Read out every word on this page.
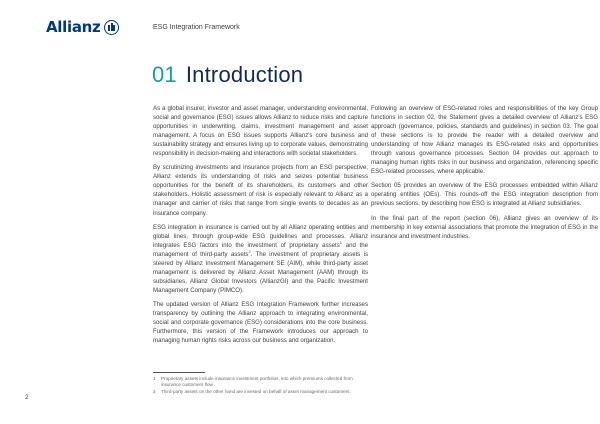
Allianz	ESG Integration Framework
01 Introduction

As a global insurer, investor and asset manager, understanding environmental, social and governance (ESG) issues allows Allianz to reduce risks and capture opportunities in underwriting, claims, investment management and asset management. A focus on ESG issues supports Allianz's core business and sustainability strategy and ensures living up to corporate values, demonstrating responsibility in decision-making and interactions with societal stakeholders.

By scrutinizing investments and insurance projects from an ESG perspective, Allianz extends its understanding of risks and seizes potential business opportunities for the benefit of its shareholders, its customers and other stakeholders. Holistic assessment of risk is especially relevant to Allianz as a manager and carrier of risks that range from single events to decades as an insurance company.

ESG integration in insurance is carried out by all Allianz operating entities and global lines, through group-wide ESG guidelines and processes. Allianz integrates ESG factors into the investment of proprietary assets$^1$ and the management of third-party assets$^2$. The investment of proprietary assets is steered by Allianz Investment Management SE (AIM), while third-party asset management is delivered by Allianz Asset Management (AAM) through its subsidiaries, Allianz Global Investors (AllianzGI) and the Pacific Investment Management Company (PIMCO).

The updated version of Allianz ESG Integration Framework further increases transparency by outlining the Allianz approach to integrating environmental, social and corporate governance (ESG) considerations into the core business. Furthermore, this version of the Framework introduces our approach to managing human rights risks across our business and organization.

Following an overview of ESG-related roles and responsibilities of the key Group functions in section 02, the Statement gives a detailed overview of Allianz's ESG approach (governance, policies, standards and guidelines) in section 03. The goal of these sections is to provide the reader with a detailed overview and understanding of how Allianz manages its ESG-related risks and opportunities through various governance processes. Section 04 provides our approach to managing human rights risks in our business and organization, referencing specific ESG-related processes, where applicable.

Section 05 provides an overview of the ESG processes embedded within Allianz operating entities (OEs). This rounds-off the ESG integration description from previous sections, by describing how ESG is integrated at Allianz subsidiaries.

In the final part of the report (section 06), Allianz gives an overview of its membership in key external associations that promote the integration of ESG in the insurance and investment industries.

1	Proprietary assets include insurance investment portfolios, into which premiums collected from insurance customers flow.
2	Third-party assets on the other hand are invested on behalf of asset management customers.
2
